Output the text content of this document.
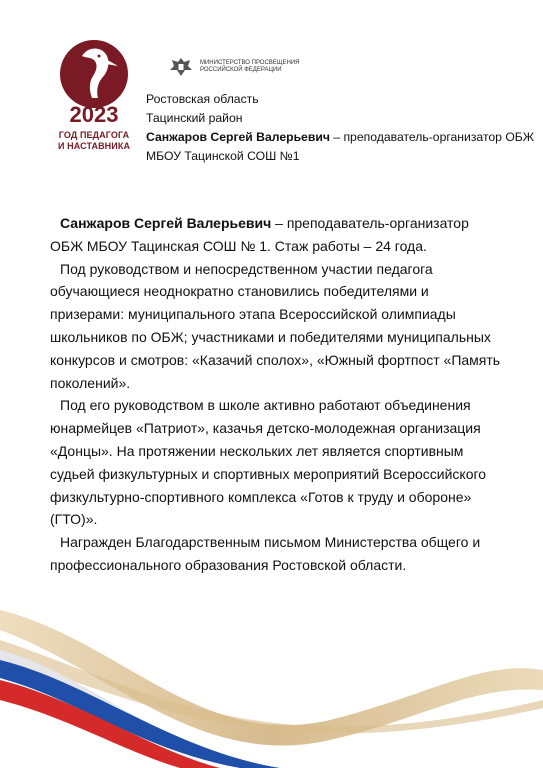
2023
ГОД ПЕДАГОГА
И НАСТАВНИКА
МИНИСТЕРСТВО ПРОСВЕЩЕНИЯ
РОССИЙСКОЙ ФЕДЕРАЦИИ
Ростовская область
Тацинский район
Санжаров Сергей Валерьевич – преподаватель-организатор ОБЖ
МБОУ Тацинской СОШ №1

Санжаров Сергей Валерьевич – преподаватель-организатор ОБЖ МБОУ Тацинская СОШ № 1. Стаж работы – 24 года.

Под руководством и непосредственном участии педагога обучающиеся неоднократно становились победителями и призерами: муниципального этапа Всероссийской олимпиады школьников по ОБЖ; участниками и победителями муниципальных конкурсов и смотров: «Казачий сполох», «Южный фортпост «Память поколений».

Под его руководством в школе активно работают объединения юнармейцев «Патриот», казачья детско-молодежная организация «Донцы». На протяжении нескольких лет является спортивным судьей физкультурных и спортивных мероприятий Всероссийского физкультурно-спортивного комплекса «Готов к труду и обороне» (ГТО)».

Награжден Благодарственным письмом Министерства общего и профессионального образования Ростовской области.
